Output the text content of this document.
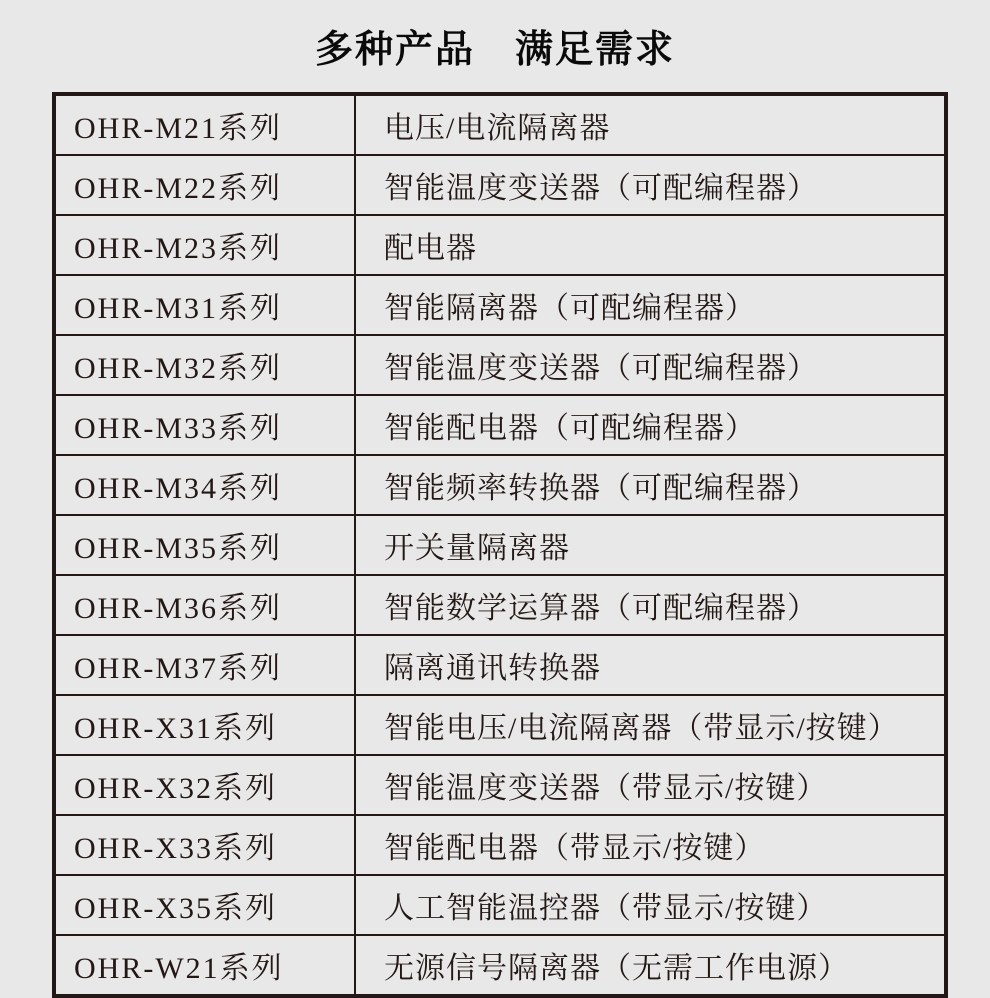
多种产品　满足需求
OHR-M21系列	电压/电流隔离器
OHR-M22系列	智能温度变送器（可配编程器）
OHR-M23系列	配电器
OHR-M31系列	智能隔离器（可配编程器）
OHR-M32系列	智能温度变送器（可配编程器）
OHR-M33系列	智能配电器（可配编程器）
OHR-M34系列	智能频率转换器（可配编程器）
OHR-M35系列	开关量隔离器
OHR-M36系列	智能数学运算器（可配编程器）
OHR-M37系列	隔离通讯转换器
OHR-X31系列	智能电压/电流隔离器（带显示/按键）
OHR-X32系列	智能温度变送器（带显示/按键）
OHR-X33系列	智能配电器（带显示/按键）
OHR-X35系列	人工智能温控器（带显示/按键）
OHR-W21系列	无源信号隔离器（无需工作电源）
